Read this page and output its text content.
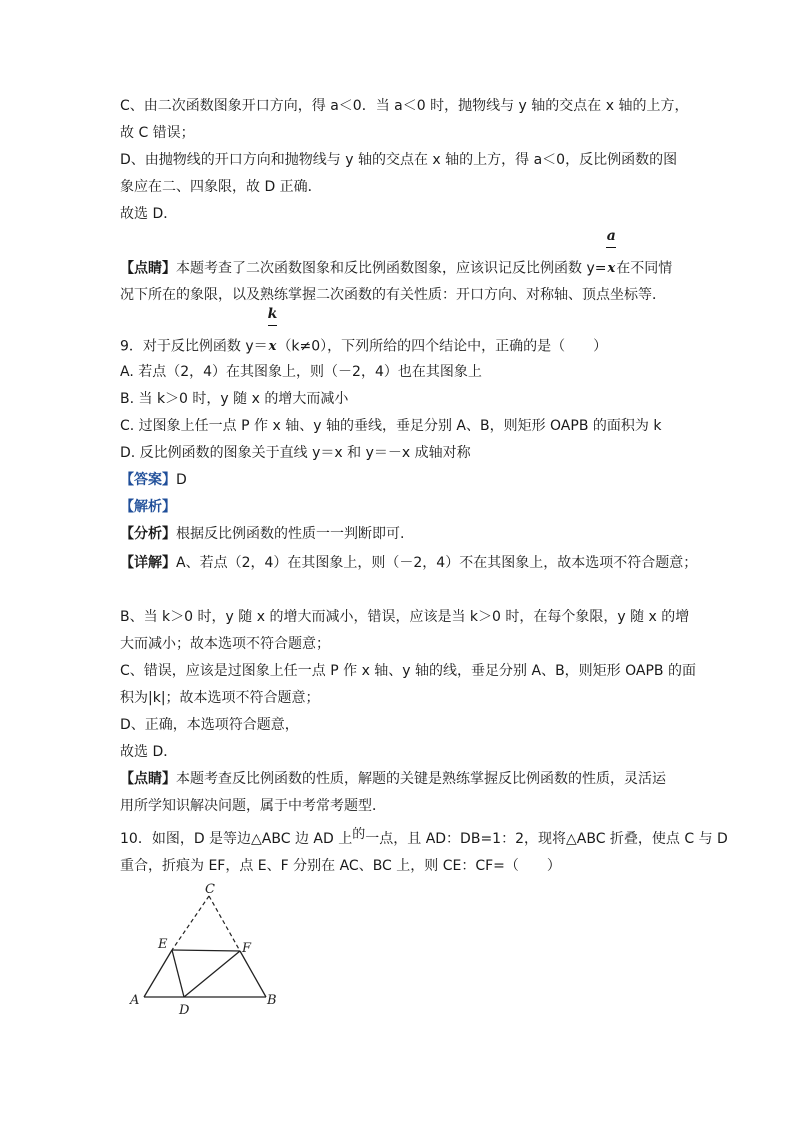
C、由二次函数图象开口方向，得 a＜0．当 a＜0 时，抛物线与 y 轴的交点在 x 轴的上方，
故 C 错误；
D、由抛物线的开口方向和抛物线与 y 轴的交点在 x 轴的上方，得 a＜0，反比例函数的图
象应在二、四象限，故 D 正确．
故选 D．
【点睛】本题考查了二次函数图象和反比例函数图象，应该识记反比例函数 $y= \frac{a}{x}$在不同情
况下所在的象限，以及熟练掌握二次函数的有关性质：开口方向、对称轴、顶点坐标等．
9．对于反比例函数 $y= \frac{k}{x}(k\ne 0)$，下列所给的四个结论中，正确的是（　　）
A. 若点（2，4）在其图象上，则（－2，4）也在其图象上
B. 当 k＞0 时，y 随 x 的增大而减小
C. 过图象上任一点 P 作 x 轴、y 轴的垂线，垂足分别 A、B，则矩形 OAPB 的面积为 k
D. 反比例函数的图象关于直线 y＝x 和 y＝－x 成轴对称
【答案】D
【解析】
【分析】根据反比例函数的性质一一判断即可.
【详解】A、若点（2，4）在其图象上，则（－2，4）不在其图象上，故本选项不符合题意；
B、当 k＞0 时，y 随 x 的增大而减小，错误，应该是当 k＞0 时，在每个象限，y 随 x 的增
大而减小；故本选项不符合题意；
C、错误，应该是过图象上任一点 P 作 x 轴、y 轴的线，垂足分别 A、B，则矩形 OAPB 的面
积为|k|；故本选项不符合题意；
D、正确，本选项符合题意，
故选 D．
【点睛】本题考查反比例函数的性质，解题的关键是熟练掌握反比例函数的性质，灵活运
用所学知识解决问题，属于中考常考题型．
10．如图，D 是等边△ABC 边 AD 上的一点，且 AD：DB=1：2，现将△ABC 折叠，使点 C 与 D
重合，折痕为 EF，点 E、F 分别在 AC、BC 上，则 CE：CF=（　　）
C
E	F
A
D
B
